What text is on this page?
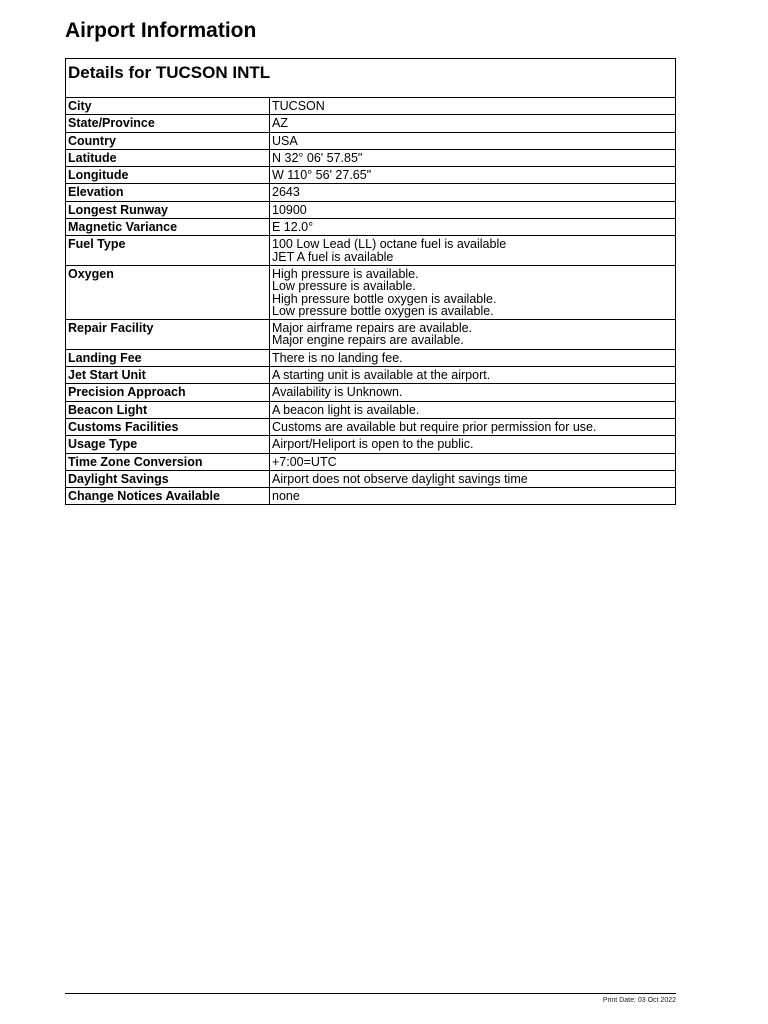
Airport Information
Details for TUCSON INTL
City	TUCSON

State/Province	AZ

Country	USA

Latitude	N 32° 06' 57.85"

Longitude	W 110° 56' 27.65"

Elevation	2643

Longest Runway	10900

Magnetic Variance	E 12.0°

Fuel Type	100 Low Lead (LL) octane fuel is available
JET A fuel is available

Oxygen	High pressure is available.
Low pressure is available.
High pressure bottle oxygen is available.
Low pressure bottle oxygen is available.

Repair Facility	Major airframe repairs are available.
Major engine repairs are available.

Landing Fee	There is no landing fee.

Jet Start Unit	A starting unit is available at the airport.

Precision Approach	Availability is Unknown.

Beacon Light	A beacon light is available.

Customs Facilities	Customs are available but require prior permission for use.

Usage Type	Airport/Heliport is open to the public.

Time Zone Conversion	+7:00=UTC

Daylight Savings	Airport does not observe daylight savings time

Change Notices Available	none
Print Date: 03 Oct 2022
